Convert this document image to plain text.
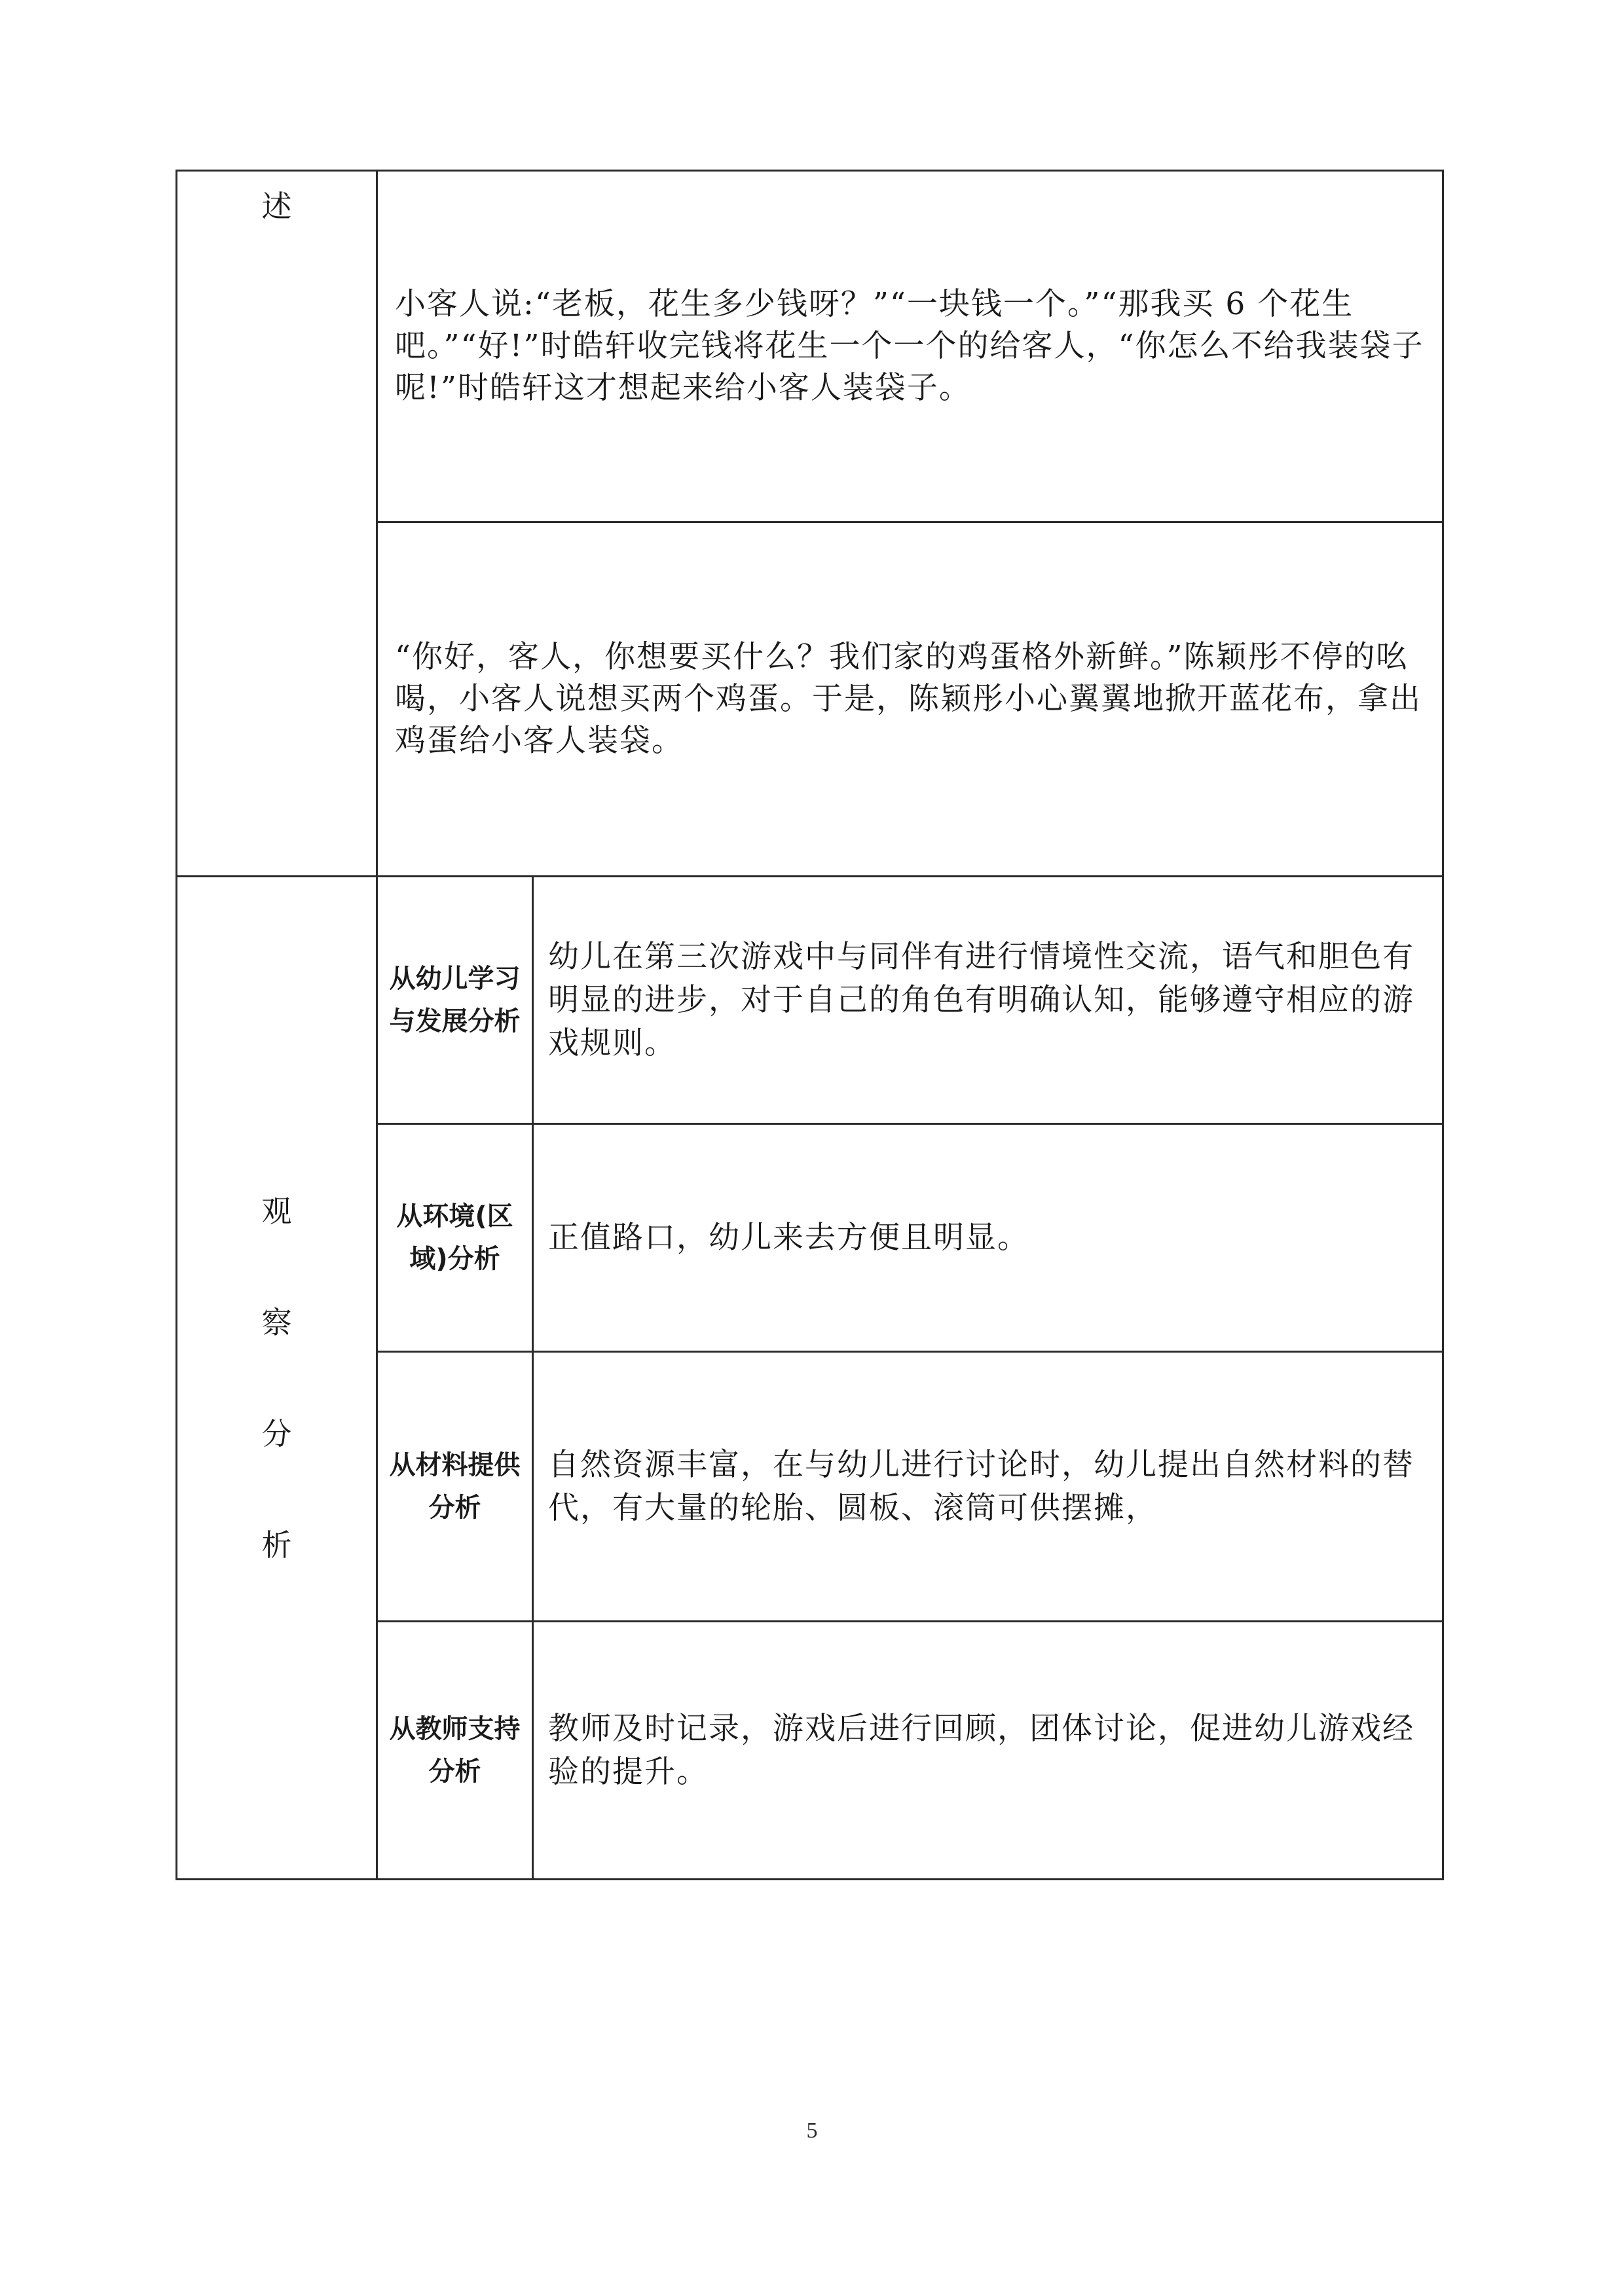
述	小客人说:“老板，花生多少钱呀？”“一块钱一个。”“那我买 6 个花生吧。”“好!”时皓轩收完钱将花生一个一个的给客人，“你怎么不给我装袋子呢!”时皓轩这才想起来给小客人装袋子。	
	“你好，客人，你想要买什么？我们家的鸡蛋格外新鲜。”陈颖彤不停的吆喝，小客人说想买两个鸡蛋。于是，陈颖彤小心翼翼地掀开蓝花布，拿出鸡蛋给小客人装袋。	

观
察
分
析	从幼儿学习与发展分析	幼儿在第三次游戏中与同伴有进行情境性交流，语气和胆色有明显的进步，对于自己的角色有明确认知，能够遵守相应的游戏规则。
	从环境(区域)分析	正值路口，幼儿来去方便且明显。
	从材料提供分析	自然资源丰富，在与幼儿进行讨论时，幼儿提出自然材料的替代，有大量的轮胎、圆板、滚筒可供摆摊，
	从教师支持分析	教师及时记录，游戏后进行回顾，团体讨论，促进幼儿游戏经验的提升。
5
